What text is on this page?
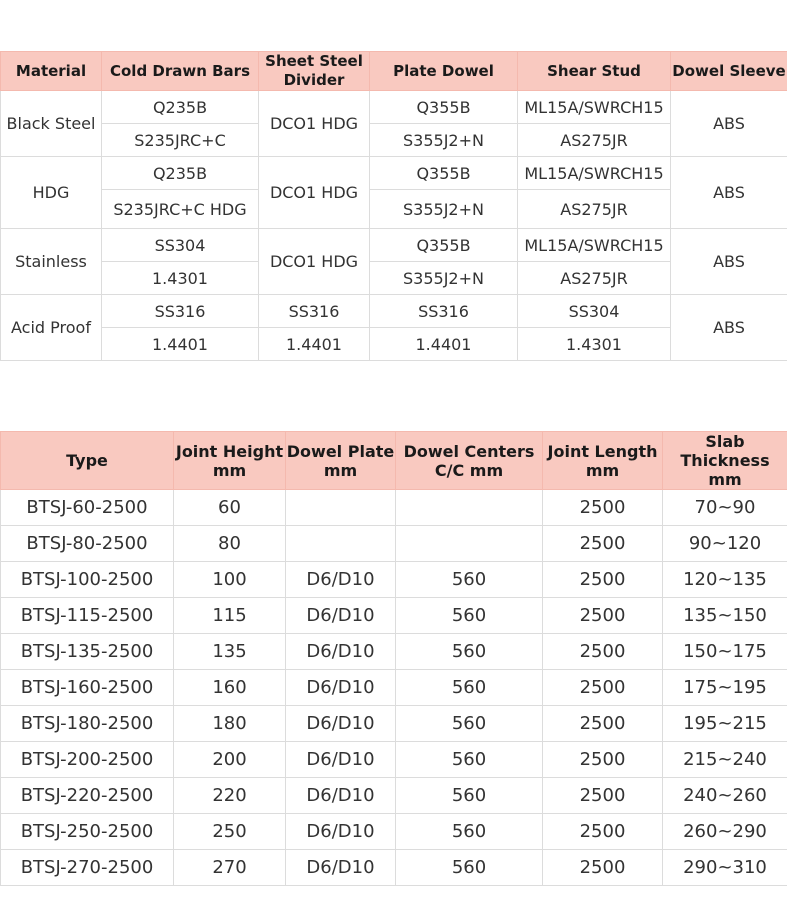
Material	Cold Drawn Bars	Sheet Steel Divider	Plate Dowel	Shear Stud	Dowel Sleeve
Black Steel	Q235B	DCO1 HDG	Q355B	ML15A/SWRCH15	ABS
	S235JRC+C		S355J2+N	AS275JR	
HDG	Q235B	DCO1 HDG	Q355B	ML15A/SWRCH15	ABS
	S235JRC+C HDG		S355J2+N	AS275JR	
Stainless	SS304	DCO1 HDG	Q355B	ML15A/SWRCH15	ABS
	1.4301		S355J2+N	AS275JR	
Acid Proof	SS316	SS316	SS316	SS304	ABS
	1.4401	1.4401	1.4401	1.4301	
Type	Joint Height mm	Dowel Plate mm	Dowel Centers C/C mm	Joint Length mm	Slab Thickness mm
BTSJ-60-2500	60			2500	70~90
BTSJ-80-2500	80			2500	90~120
BTSJ-100-2500	100	D6/D10	560	2500	120~135
BTSJ-115-2500	115	D6/D10	560	2500	135~150
BTSJ-135-2500	135	D6/D10	560	2500	150~175
BTSJ-160-2500	160	D6/D10	560	2500	175~195
BTSJ-180-2500	180	D6/D10	560	2500	195~215
BTSJ-200-2500	200	D6/D10	560	2500	215~240
BTSJ-220-2500	220	D6/D10	560	2500	240~260
BTSJ-250-2500	250	D6/D10	560	2500	260~290
BTSJ-270-2500	270	D6/D10	560	2500	290~310
